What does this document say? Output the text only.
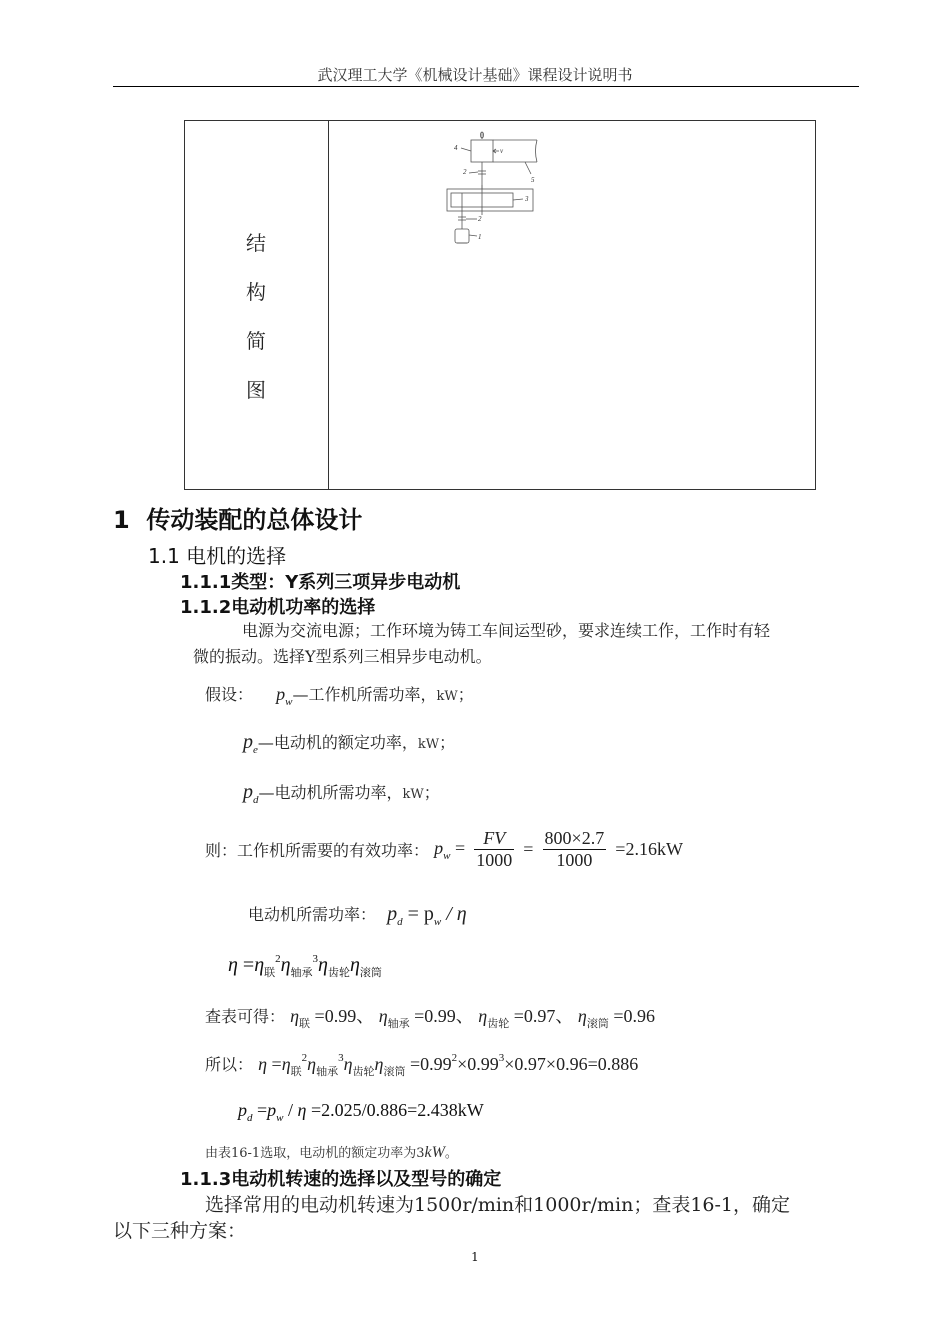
武汉理工大学《机械设计基础》课程设计说明书
结
构
简
图
4	v
2
5
3
2
1
1 传动装配的总体设计
1.1 电机的选择
1.1.1类型：Y系列三项异步电动机
1.1.2电动机功率的选择
电源为交流电源；工作环境为铸工车间运型砂，要求连续工作，工作时有轻
微的振动。选择Y型系列三相异步电动机。
假设： $p_w—$工作机所需功率，kW；
$p_e—$电动机的额定功率，kW；
$p_d—$电动机所需功率，kW；
则：工作机所需要的有效功率： $p_w = \frac{FV}{1000} = \frac{800\times 2.7}{1000} =2.16kW$
电动机所需功率： $p_d = p_w / \eta$
$\eta =\eta_联^2\eta_{轴承}^3\eta_{齿轮}\eta_{滚筒}$
查表可得： $\eta_联 =0.99$、 $\eta_{轴承} =0.99$、 $\eta_{齿轮} =0.97$、 $\eta_{滚筒} =0.96$
所以： $\eta =\eta_联^2\eta_{轴承}^3\eta_{齿轮}\eta_{滚筒} =0.99^2\times 0.99^3\times 0.97\times 0.96=0.886$
$p_d =p_w / \eta =2.025/0.886=2.438kW$
由表16-1选取，电动机的额定功率为3kW。
1.1.3电动机转速的选择以及型号的确定
选择常用的电动机转速为1500r/min和1000r/min；查表16-1，确定
以下三种方案：
1
